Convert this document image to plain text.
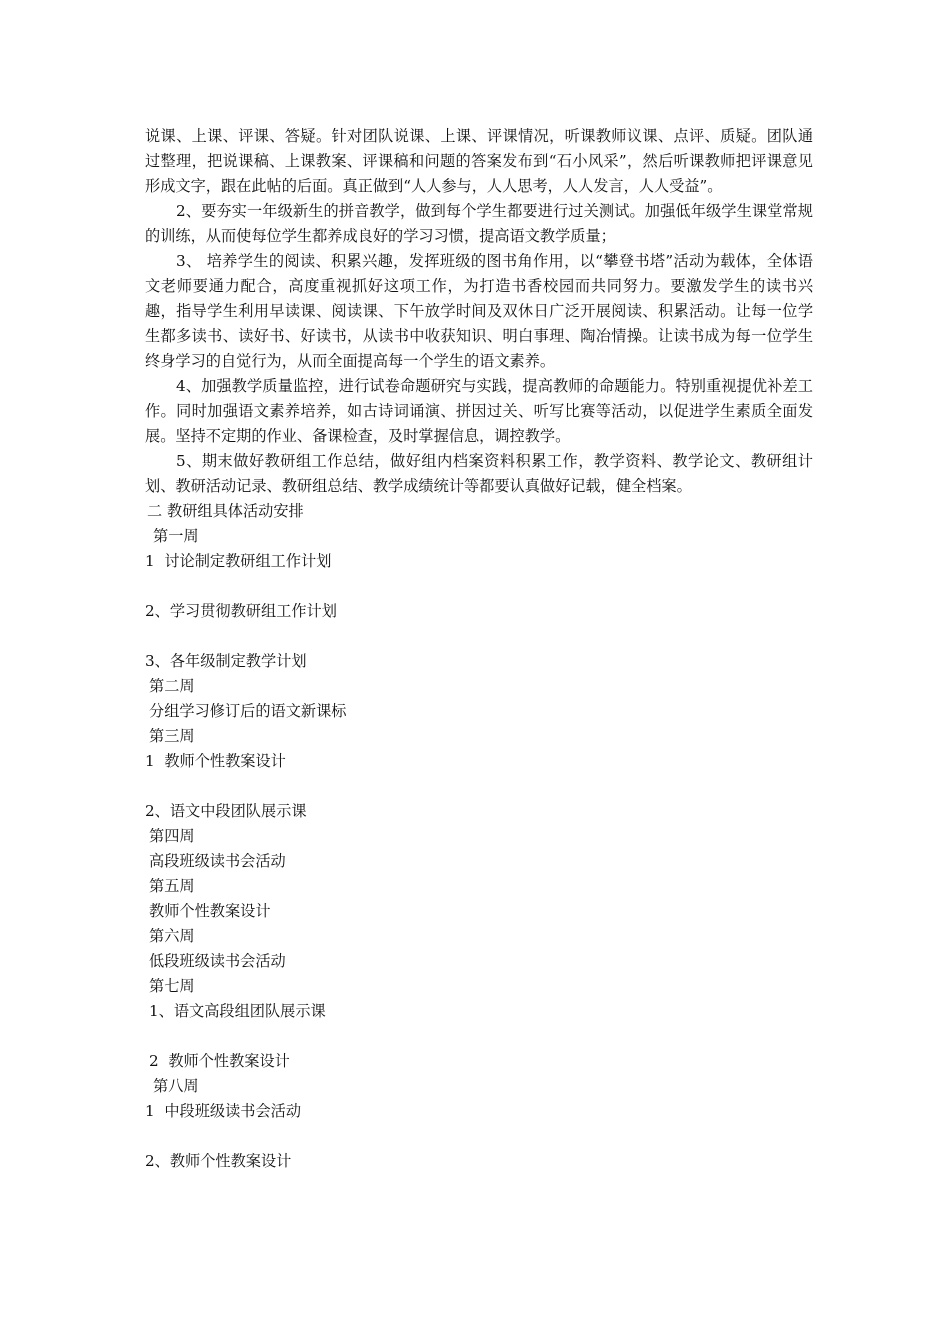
说课、上课、评课、答疑。针对团队说课、上课、评课情况，听课教师议课、点评、质疑。团队通过整理，把说课稿、上课教案、评课稿和问题的答案发布到“石小风采”，然后听课教师把评课意见形成文字，跟在此帖的后面。真正做到“人人参与，人人思考，人人发言，人人受益”。

2、要夯实一年级新生的拼音教学，做到每个学生都要进行过关测试。加强低年级学生课堂常规的训练，从而使每位学生都养成良好的学习习惯，提高语文教学质量；

3、 培养学生的阅读、积累兴趣，发挥班级的图书角作用，以“攀登书塔”活动为载体，全体语文老师要通力配合，高度重视抓好这项工作，为打造书香校园而共同努力。要激发学生的读书兴趣，指导学生利用早读课、阅读课、下午放学时间及双休日广泛开展阅读、积累活动。让每一位学生都多读书、读好书、好读书，从读书中收获知识、明白事理、陶冶情操。让读书成为每一位学生终身学习的自觉行为，从而全面提高每一个学生的语文素养。

4、加强教学质量监控，进行试卷命题研究与实践，提高教师的命题能力。特别重视提优补差工作。同时加强语文素养培养，如古诗词诵演、拼因过关、听写比赛等活动，以促进学生素质全面发展。坚持不定期的作业、备课检查，及时掌握信息，调控教学。

5、期末做好教研组工作总结，做好组内档案资料积累工作，教学资料、教学论文、教研组计划、教研活动记录、教研组总结、教学成绩统计等都要认真做好记载，健全档案。

二 教研组具体活动安排
第一周
1  讨论制定教研组工作计划
2、学习贯彻教研组工作计划
3、各年级制定教学计划
第二周
分组学习修订后的语文新课标
第三周
1  教师个性教案设计
2、语文中段团队展示课
第四周
高段班级读书会活动
第五周
教师个性教案设计
第六周
低段班级读书会活动
第七周
1、语文高段组团队展示课
2  教师个性教案设计
第八周
1  中段班级读书会活动
2、教师个性教案设计
